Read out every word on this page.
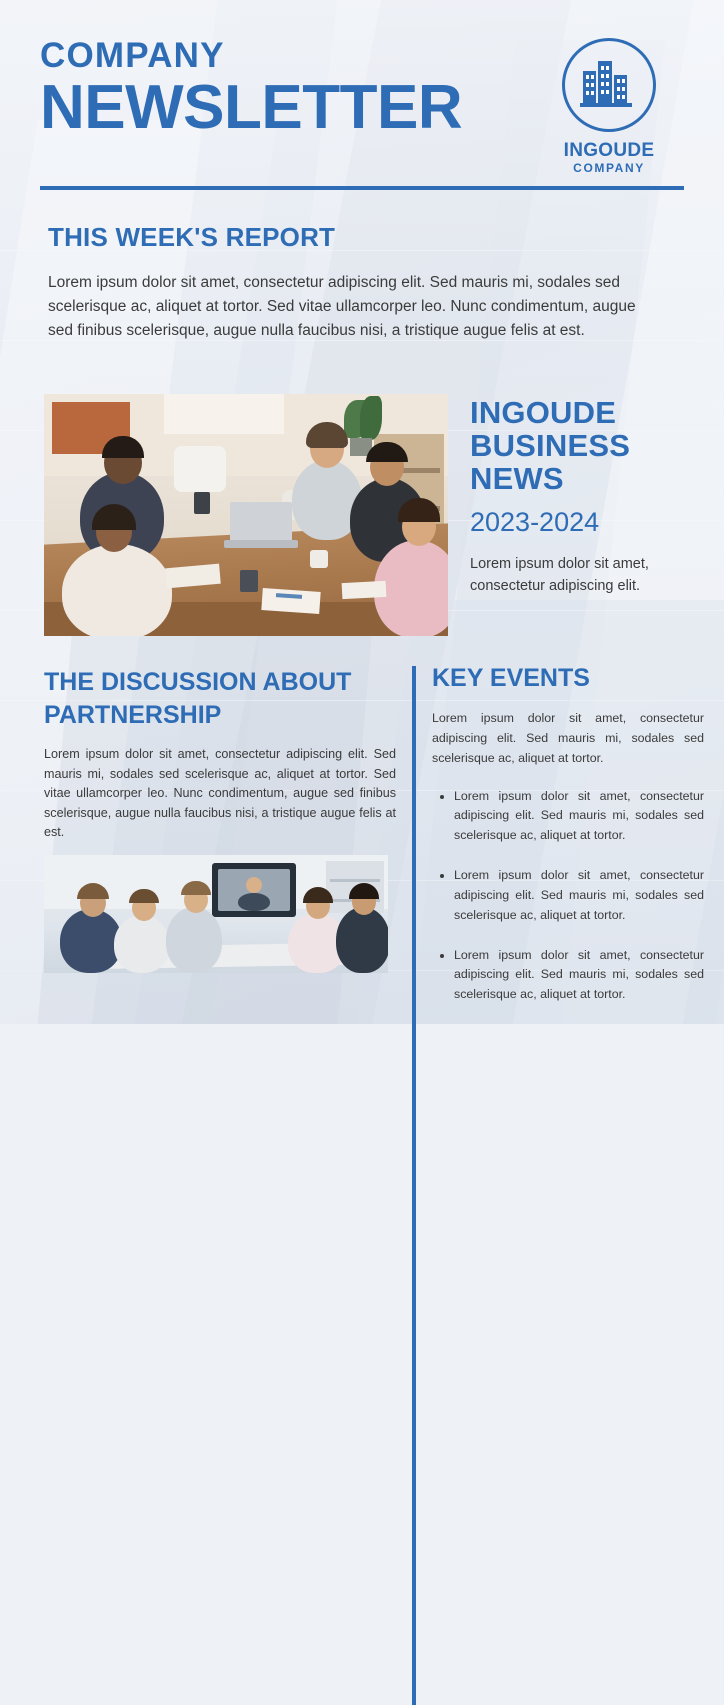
COMPANY
NEWSLETTER
INGOUDE
COMPANY
THIS WEEK'S REPORT

Lorem ipsum dolor sit amet, consectetur adipiscing elit. Sed mauris mi, sodales sed scelerisque ac, aliquet at tortor. Sed vitae ullamcorper leo. Nunc condimentum, augue sed finibus scelerisque, augue nulla faucibus nisi, a tristique augue felis at est.

INGOUDE BUSINESS NEWS
2023-2024

Lorem ipsum dolor sit amet, consectetur adipiscing elit.

THE DISCUSSION ABOUT PARTNERSHIP

Lorem ipsum dolor sit amet, consectetur adipiscing elit. Sed mauris mi, sodales sed scelerisque ac, aliquet at tortor. Sed vitae ullamcorper leo. Nunc condimentum, augue sed finibus scelerisque, augue nulla faucibus nisi, a tristique augue felis at est.

KEY EVENTS

Lorem ipsum dolor sit amet, consectetur adipiscing elit. Sed mauris mi, sodales sed scelerisque ac, aliquet at tortor.

• Lorem ipsum dolor sit amet, consectetur adipiscing elit. Sed mauris mi, sodales sed scelerisque ac, aliquet at tortor.
• Lorem ipsum dolor sit amet, consectetur adipiscing elit. Sed mauris mi, sodales sed scelerisque ac, aliquet at tortor.
• Lorem ipsum dolor sit amet, consectetur adipiscing elit. Sed mauris mi, sodales sed scelerisque ac, aliquet at tortor.
